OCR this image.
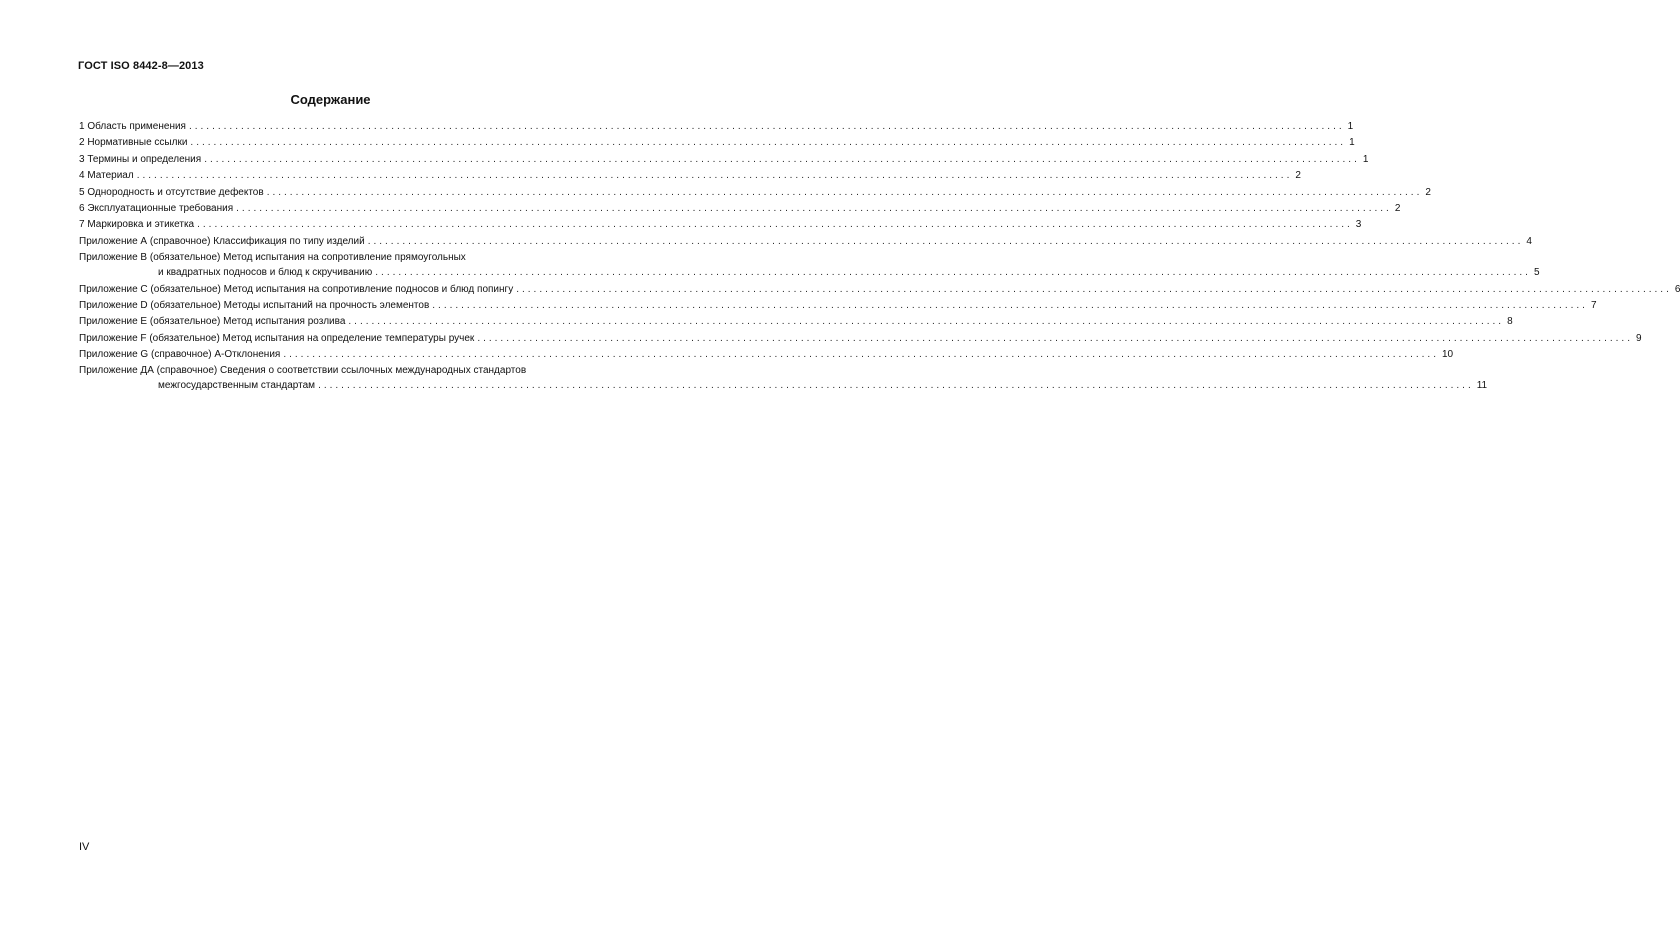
ГОСТ ISO 8442-8—2013
Содержание
1 Область применения ........................................................................................................................................................................................................ 1
2 Нормативные ссылки ........................................................................................................................................................................................................ 1
3 Термины и определения ........................................................................................................................................................................................................ 1
4 Материал ........................................................................................................................................................................................................ 2
5 Однородность и отсутствие дефектов ........................................................................................................................................................................................................ 2
6 Эксплуатационные требования ........................................................................................................................................................................................................ 2
7 Маркировка и этикетка ........................................................................................................................................................................................................ 3
Приложение А (справочное) Классификация по типу изделий ........................................................................................................................................................................................................ 4
Приложение В (обязательное) Метод испытания на сопротивление прямоугольных
и квадратных подносов и блюд к скручиванию ........................................................................................................................................................................................................ 5
Приложение С (обязательное) Метод испытания на сопротивление подносов и блюд попингу ........................................................................................................................................................................................................ 6
Приложение D (обязательное) Методы испытаний на прочность элементов ........................................................................................................................................................................................................ 7
Приложение Е (обязательное) Метод испытания розлива ........................................................................................................................................................................................................ 8
Приложение F (обязательное) Метод испытания на определение температуры ручек ........................................................................................................................................................................................................ 9
Приложение G (справочное) А-Отклонения ........................................................................................................................................................................................................ 10
Приложение ДА (справочное) Сведения о соответствии ссылочных международных стандартов
межгосударственным стандартам ........................................................................................................................................................................................................ 11
IV
